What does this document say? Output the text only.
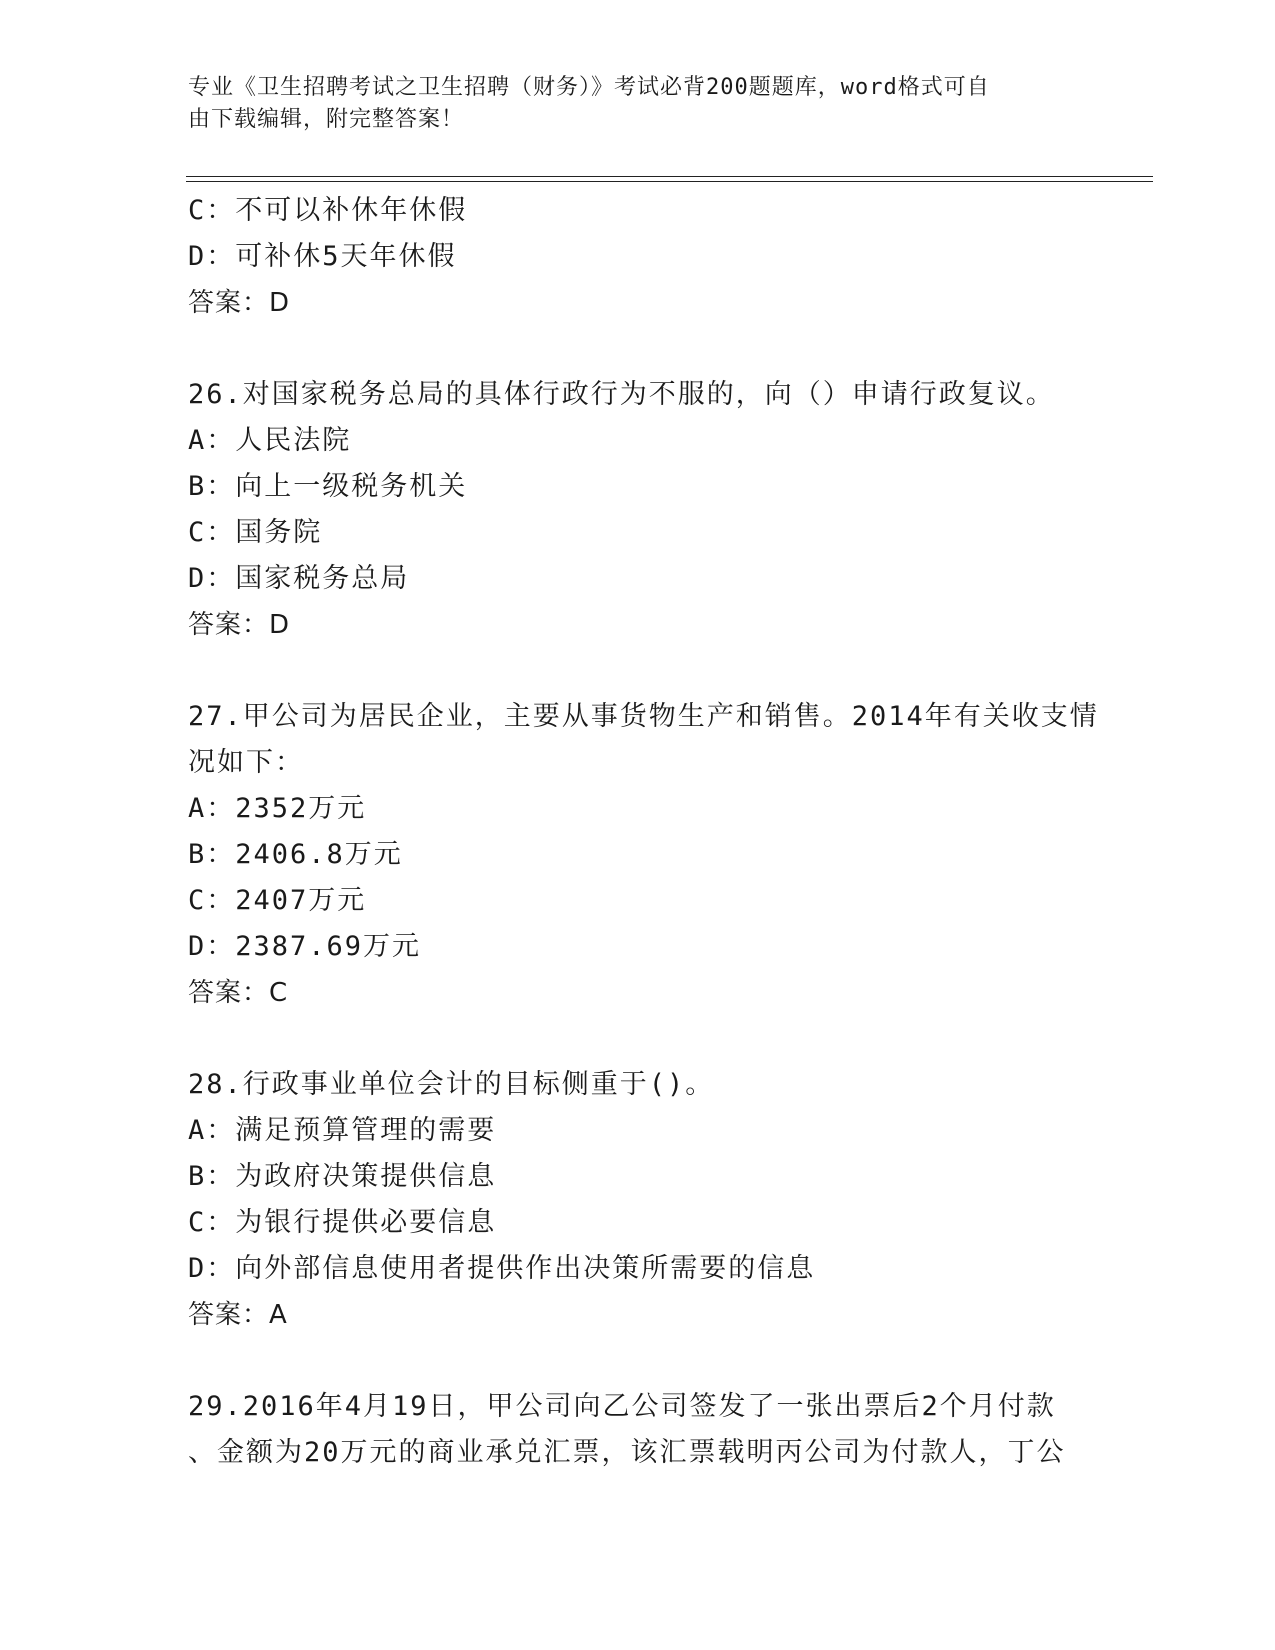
专业《卫生招聘考试之卫生招聘（财务）》考试必背200题题库，word格式可自
由下载编辑，附完整答案！
C：不可以补休年休假
D：可补休5天年休假
答案：D
26.对国家税务总局的具体行政行为不服的，向（）申请行政复议。
A：人民法院
B：向上一级税务机关
C：国务院
D：国家税务总局
答案：D
27.甲公司为居民企业，主要从事货物生产和销售。2014年有关收支情
况如下：
A：2352万元
B：2406.8万元
C：2407万元
D：2387.69万元
答案：C
28.行政事业单位会计的目标侧重于()。
A：满足预算管理的需要
B：为政府决策提供信息
C：为银行提供必要信息
D：向外部信息使用者提供作出决策所需要的信息
答案：A
29.2016年4月19日，甲公司向乙公司签发了一张出票后2个月付款
、金额为20万元的商业承兑汇票，该汇票载明丙公司为付款人，丁公
